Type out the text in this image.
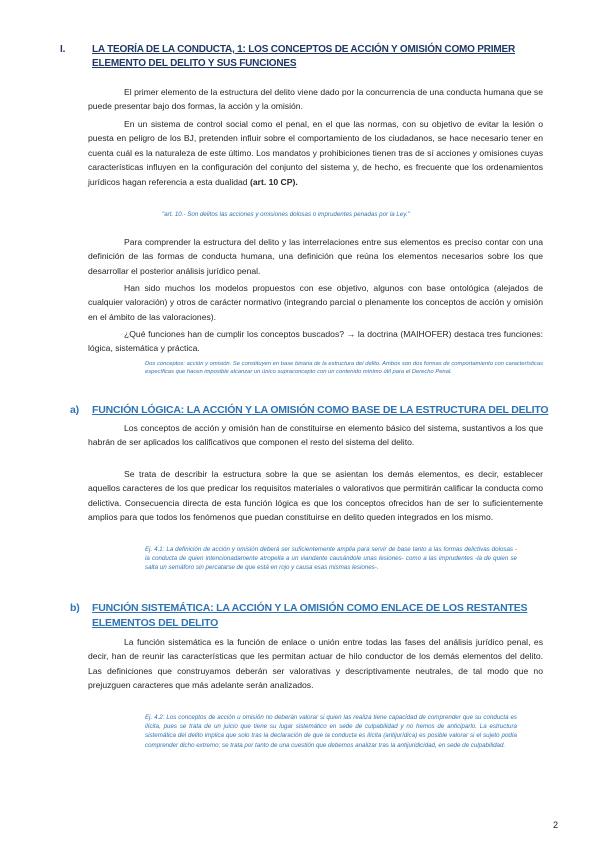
I.	LA TEORÍA DE LA CONDUCTA, 1: LOS CONCEPTOS DE ACCIÓN Y OMISIÓN COMO PRIMER
ELEMENTO DEL DELITO Y SUS FUNCIONES

El primer elemento de la estructura del delito viene dado por la concurrencia de una conducta humana que se puede presentar bajo dos formas, la acción y la omisión.

En un sistema de control social como el penal, en el que las normas, con su objetivo de evitar la lesión o puesta en peligro de los BJ, pretenden influir sobre el comportamiento de los ciudadanos, se hace necesario tener en cuenta cuál es la naturaleza de este último. Los mandatos y prohibiciones tienen tras de sí acciones y omisiones cuyas características influyen en la configuración del conjunto del sistema y, de hecho, es frecuente que los ordenamientos jurídicos hagan referencia a esta dualidad (art. 10 CP).

"art. 10.- Son delitos las acciones y omisiones dolosas o imprudentes penadas por la Ley."

Para comprender la estructura del delito y las interrelaciones entre sus elementos es preciso contar con una definición de las formas de conducta humana, una definición que reúna los elementos necesarios sobre los que desarrollar el posterior análisis jurídico penal.

Han sido muchos los modelos propuestos con ese objetivo, algunos con base ontológica (alejados de cualquier valoración) y otros de carácter normativo (integrando parcial o plenamente los conceptos de acción y omisión en el ámbito de las valoraciones).

¿Qué funciones han de cumplir los conceptos buscados? → la doctrina (MAIHOFER) destaca tres funciones: lógica, sistemática y práctica.

Dos conceptos: acción y omisión. Se constituyen en base binaria de la estructura del delito. Ambos son dos formas de comportamiento con características específicas que hacen imposible alcanzar un único supraconcepto con un contenido mínimo útil para el Derecho Penal.

a) FUNCIÓN LÓGICA: LA ACCIÓN Y LA OMISIÓN COMO BASE DE LA ESTRUCTURA DEL DELITO

Los conceptos de acción y omisión han de constituirse en elemento básico del sistema, sustantivos a los que habrán de ser aplicados los calificativos que componen el resto del sistema del delito.

Se trata de describir la estructura sobre la que se asientan los demás elementos, es decir, establecer aquellos caracteres de los que predicar los requisitos materiales o valorativos que permitirán calificar la conducta como delictiva. Consecuencia directa de esta función lógica es que los conceptos ofrecidos han de ser lo suficientemente amplios para que todos los fenómenos que puedan constituirse en delito queden integrados en los mismo.

Ej. 4.1: La definición de acción y omisión deberá ser suficientemente amplia para servir de base tanto a las formas delictivas dolosas -la conducta de quien intencionadamente atropella a un viandante causándole unas lesiones- como a las imprudentes -la de quien se salta un semáforo sin percatarse de que está en rojo y causa esas mismas lesiones-.

b) FUNCIÓN SISTEMÁTICA: LA ACCIÓN Y LA OMISIÓN COMO ENLACE DE LOS RESTANTES
ELEMENTOS DEL DELITO

La función sistemática es la función de enlace o unión entre todas las fases del análisis jurídico penal, es decir, han de reunir las características que les permitan actuar de hilo conductor de los demás elementos del delito. Las definiciones que construyamos deberán ser valorativas y descriptivamente neutrales, de tal modo que no prejuzguen caracteres que más adelante serán analizados.

Ej. 4.2: Los conceptos de acción u omisión no deberán valorar si quien las realiza tiene capacidad de comprender que su conducta es ilícita, pues se trata de un juicio que tiene su lugar sistemático en sede de culpabilidad y no hemos de anticiparlo. La estructura sistemática del delito implica que solo tras la declaración de que la conducta es ilícita (antijurídica) es posible valorar si el sujeto podía comprender dicho extremo; se trata por tanto de una cuestión que debemos analizar tras la antijuridicidad, en sede de culpabilidad.

2
